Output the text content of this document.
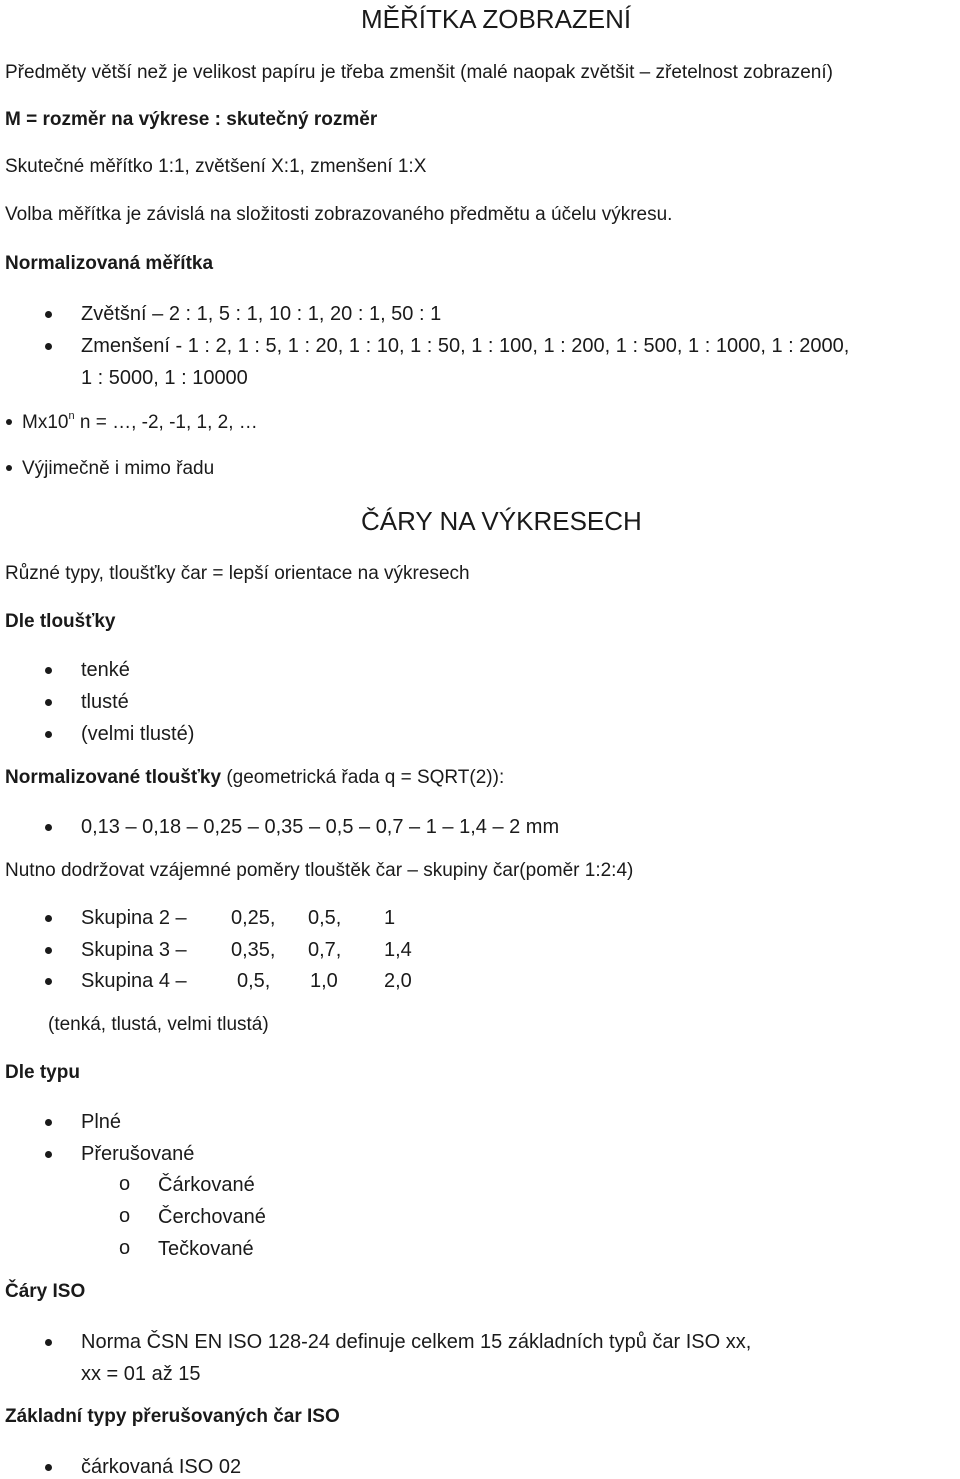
MĚŘÍTKA ZOBRAZENÍ
Předměty větší než je velikost papíru je třeba zmenšit (malé naopak zvětšit – zřetelnost zobrazení)
M = rozměr na výkrese : skutečný rozměr
Skutečné měřítko 1:1, zvětšení X:1, zmenšení 1:X
Volba měřítka je závislá na složitosti zobrazovaného předmětu a účelu výkresu.
Normalizovaná měřítka
Zvětšní – 2 : 1, 5 : 1, 10 : 1, 20 : 1, 50 : 1
Zmenšení - 1 : 2, 1 : 5, 1 : 20, 1 : 10, 1 : 50, 1 : 100, 1 : 200, 1 : 500, 1 : 1000, 1 : 2000,
1 : 5000, 1 : 10000
Mx10$^n$ n = …, -2, -1, 1, 2, …
Výjimečně i mimo řadu
ČÁRY NA VÝKRESECH
Různé typy, tloušťky čar = lepší orientace na výkresech
Dle tloušťky
tenké
tlusté
(velmi tlusté)
Normalizované tloušťky (geometrická řada q = SQRT(2)):
0,13 – 0,18 – 0,25 – 0,35 – 0,5 – 0,7 – 1 – 1,4 – 2 mm
Nutno dodržovat vzájemné poměry tlouštěk čar – skupiny čar(poměr 1:2:4)
Skupina 2 – 0,25, 0,5, 1
Skupina 3 – 0,35, 0,7, 1,4
Skupina 4 –	0,5, 1,0 2,0
(tenká, tlustá, velmi tlustá)
Dle typu
Plné
Přerušované
o Čárkované
o Čerchované
o Tečkované
Čáry ISO
Norma ČSN EN ISO 128-24 definuje celkem 15 základních typů čar ISO xx,
xx = 01 až 15
Základní typy přerušovaných čar ISO
čárkovaná ISO 02
